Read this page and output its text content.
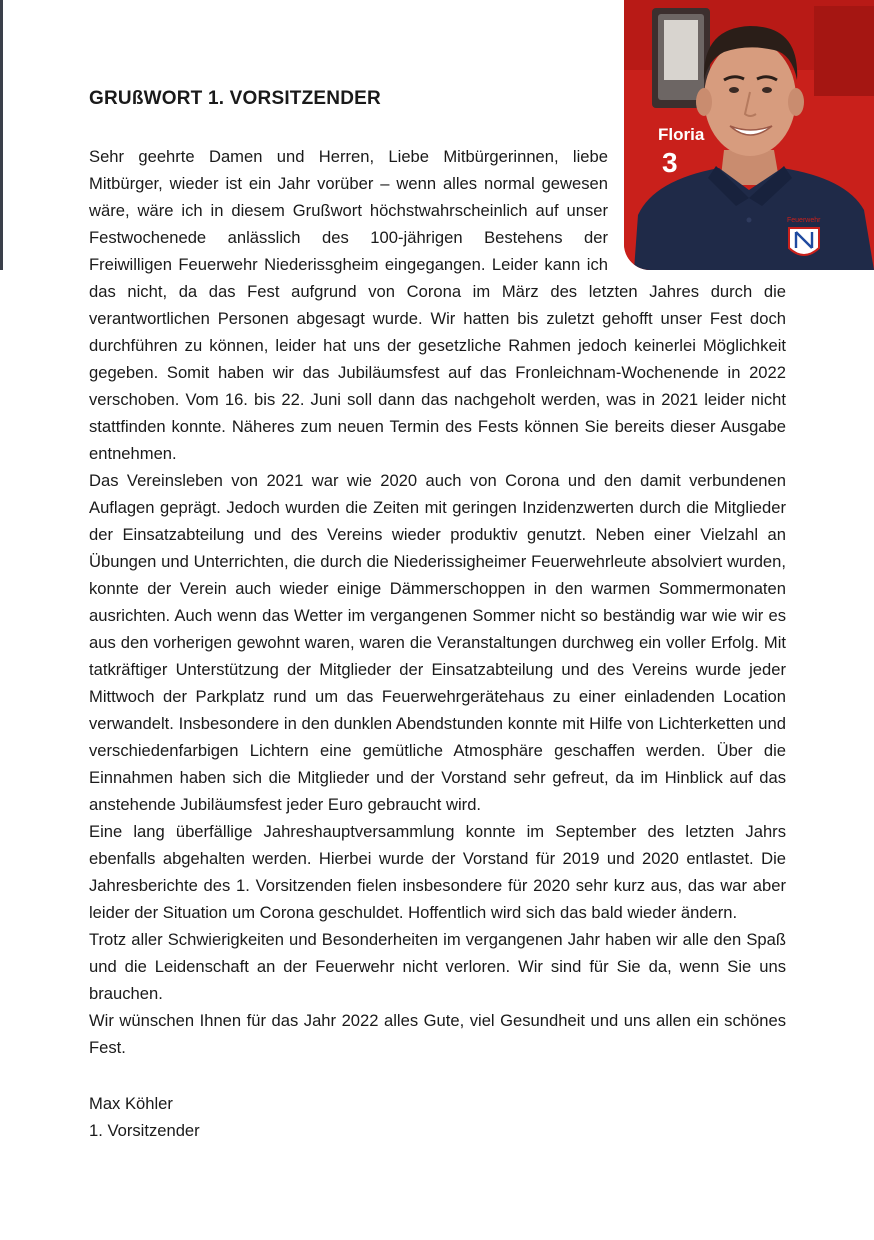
Floria
3
Feuerwehr
GRUßWORT 1. VORSITZENDER

Sehr geehrte Damen und Herren, Liebe Mitbürgerinnen, liebe Mitbürger, wieder ist ein Jahr vorüber – wenn alles normal gewesen wäre, wäre ich in diesem Grußwort höchstwahrscheinlich auf unser Festwochenede anlässlich des 100-jährigen Bestehens der Freiwilligen Feuerwehr Niederissgheim eingegangen. Leider kann ich das nicht, da das Fest aufgrund von Corona im März des letzten Jahres durch die verantwortlichen Personen abgesagt wurde. Wir hatten bis zuletzt gehofft unser Fest doch durchführen zu können, leider hat uns der gesetzliche Rahmen jedoch keinerlei Möglichkeit gegeben. Somit haben wir das Jubiläumsfest auf das Fronleichnam-Wochenende in 2022 verschoben. Vom 16. bis 22. Juni soll dann das nachgeholt werden, was in 2021 leider nicht stattfinden konnte. Näheres zum neuen Termin des Fests können Sie bereits dieser Ausgabe entnehmen.

Das Vereinsleben von 2021 war wie 2020 auch von Corona und den damit verbundenen Auflagen geprägt. Jedoch wurden die Zeiten mit geringen Inzidenzwerten durch die Mitglieder der Einsatzabteilung und des Vereins wieder produktiv genutzt. Neben einer Vielzahl an Übungen und Unterrichten, die durch die Niederissigheimer Feuerwehrleute absolviert wurden, konnte der Verein auch wieder einige Dämmerschoppen in den warmen Sommermonaten ausrichten. Auch wenn das Wetter im vergangenen Sommer nicht so beständig war wie wir es aus den vorherigen gewohnt waren, waren die Veranstaltungen durchweg ein voller Erfolg. Mit tatkräftiger Unterstützung der Mitglieder der Einsatzabteilung und des Vereins wurde jeder Mittwoch der Parkplatz rund um das Feuerwehrgerätehaus zu einer einladenden Location verwandelt. Insbesondere in den dunklen Abendstunden konnte mit Hilfe von Lichterketten und verschiedenfarbigen Lichtern eine gemütliche Atmosphäre geschaffen werden. Über die Einnahmen haben sich die Mitglieder und der Vorstand sehr gefreut, da im Hinblick auf das anstehende Jubiläumsfest jeder Euro gebraucht wird.

Eine lang überfällige Jahreshauptversammlung konnte im September des letzten Jahrs ebenfalls abgehalten werden. Hierbei wurde der Vorstand für 2019 und 2020 entlastet. Die Jahresberichte des 1. Vorsitzenden fielen insbesondere für 2020 sehr kurz aus, das war aber leider der Situation um Corona geschuldet. Hoffentlich wird sich das bald wieder ändern.

Trotz aller Schwierigkeiten und Besonderheiten im vergangenen Jahr haben wir alle den Spaß und die Leidenschaft an der Feuerwehr nicht verloren. Wir sind für Sie da, wenn Sie uns brauchen.

Wir wünschen Ihnen für das Jahr 2022 alles Gute, viel Gesundheit und uns allen ein schönes Fest.

Max Köhler
1. Vorsitzender
